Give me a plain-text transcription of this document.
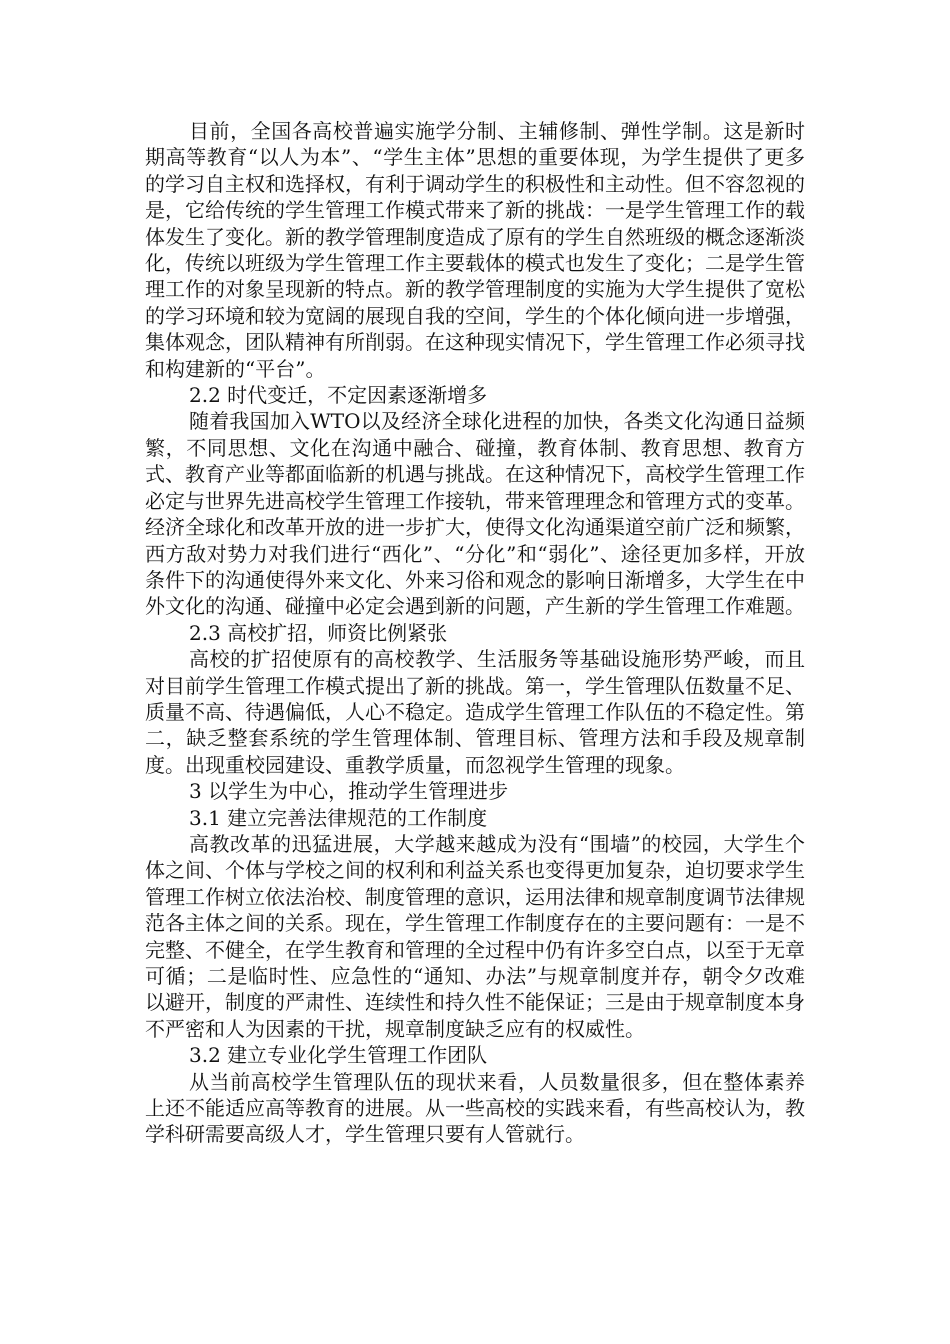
目前，全国各高校普遍实施学分制、主辅修制、弹性学制。这是新时期高等教育“以人为本”、“学生主体”思想的重要体现，为学生提供了更多的学习自主权和选择权，有利于调动学生的积极性和主动性。但不容忽视的是，它给传统的学生管理工作模式带来了新的挑战：一是学生管理工作的载体发生了变化。新的教学管理制度造成了原有的学生自然班级的概念逐渐淡化，传统以班级为学生管理工作主要载体的模式也发生了变化；二是学生管理工作的对象呈现新的特点。新的教学管理制度的实施为大学生提供了宽松的学习环境和较为宽阔的展现自我的空间，学生的个体化倾向进一步增强，集体观念，团队精神有所削弱。在这种现实情况下，学生管理工作必须寻找和构建新的“平台”。

2.2 时代变迁，不定因素逐渐增多

随着我国加入WTO以及经济全球化进程的加快，各类文化沟通日益频繁，不同思想、文化在沟通中融合、碰撞，教育体制、教育思想、教育方式、教育产业等都面临新的机遇与挑战。在这种情况下，高校学生管理工作必定与世界先进高校学生管理工作接轨，带来管理理念和管理方式的变革。经济全球化和改革开放的进一步扩大，使得文化沟通渠道空前广泛和频繁，西方敌对势力对我们进行“西化”、“分化”和“弱化”、途径更加多样，开放条件下的沟通使得外来文化、外来习俗和观念的影响日渐增多，大学生在中外文化的沟通、碰撞中必定会遇到新的问题，产生新的学生管理工作难题。

2.3 高校扩招，师资比例紧张

高校的扩招使原有的高校教学、生活服务等基础设施形势严峻，而且对目前学生管理工作模式提出了新的挑战。第一，学生管理队伍数量不足、质量不高、待遇偏低，人心不稳定。造成学生管理工作队伍的不稳定性。第二，缺乏整套系统的学生管理体制、管理目标、管理方法和手段及规章制度。出现重校园建设、重教学质量，而忽视学生管理的现象。

3 以学生为中心，推动学生管理进步

3.1 建立完善法律规范的工作制度

高教改革的迅猛进展，大学越来越成为没有“围墙”的校园，大学生个体之间、个体与学校之间的权利和利益关系也变得更加复杂，迫切要求学生管理工作树立依法治校、制度管理的意识，运用法律和规章制度调节法律规范各主体之间的关系。现在，学生管理工作制度存在的主要问题有：一是不完整、不健全，在学生教育和管理的全过程中仍有许多空白点，以至于无章可循；二是临时性、应急性的“通知、办法”与规章制度并存，朝令夕改难以避开，制度的严肃性、连续性和持久性不能保证；三是由于规章制度本身不严密和人为因素的干扰，规章制度缺乏应有的权威性。

3.2 建立专业化学生管理工作团队

从当前高校学生管理队伍的现状来看，人员数量很多，但在整体素养上还不能适应高等教育的进展。从一些高校的实践来看，有些高校认为，教学科研需要高级人才，学生管理只要有人管就行。
